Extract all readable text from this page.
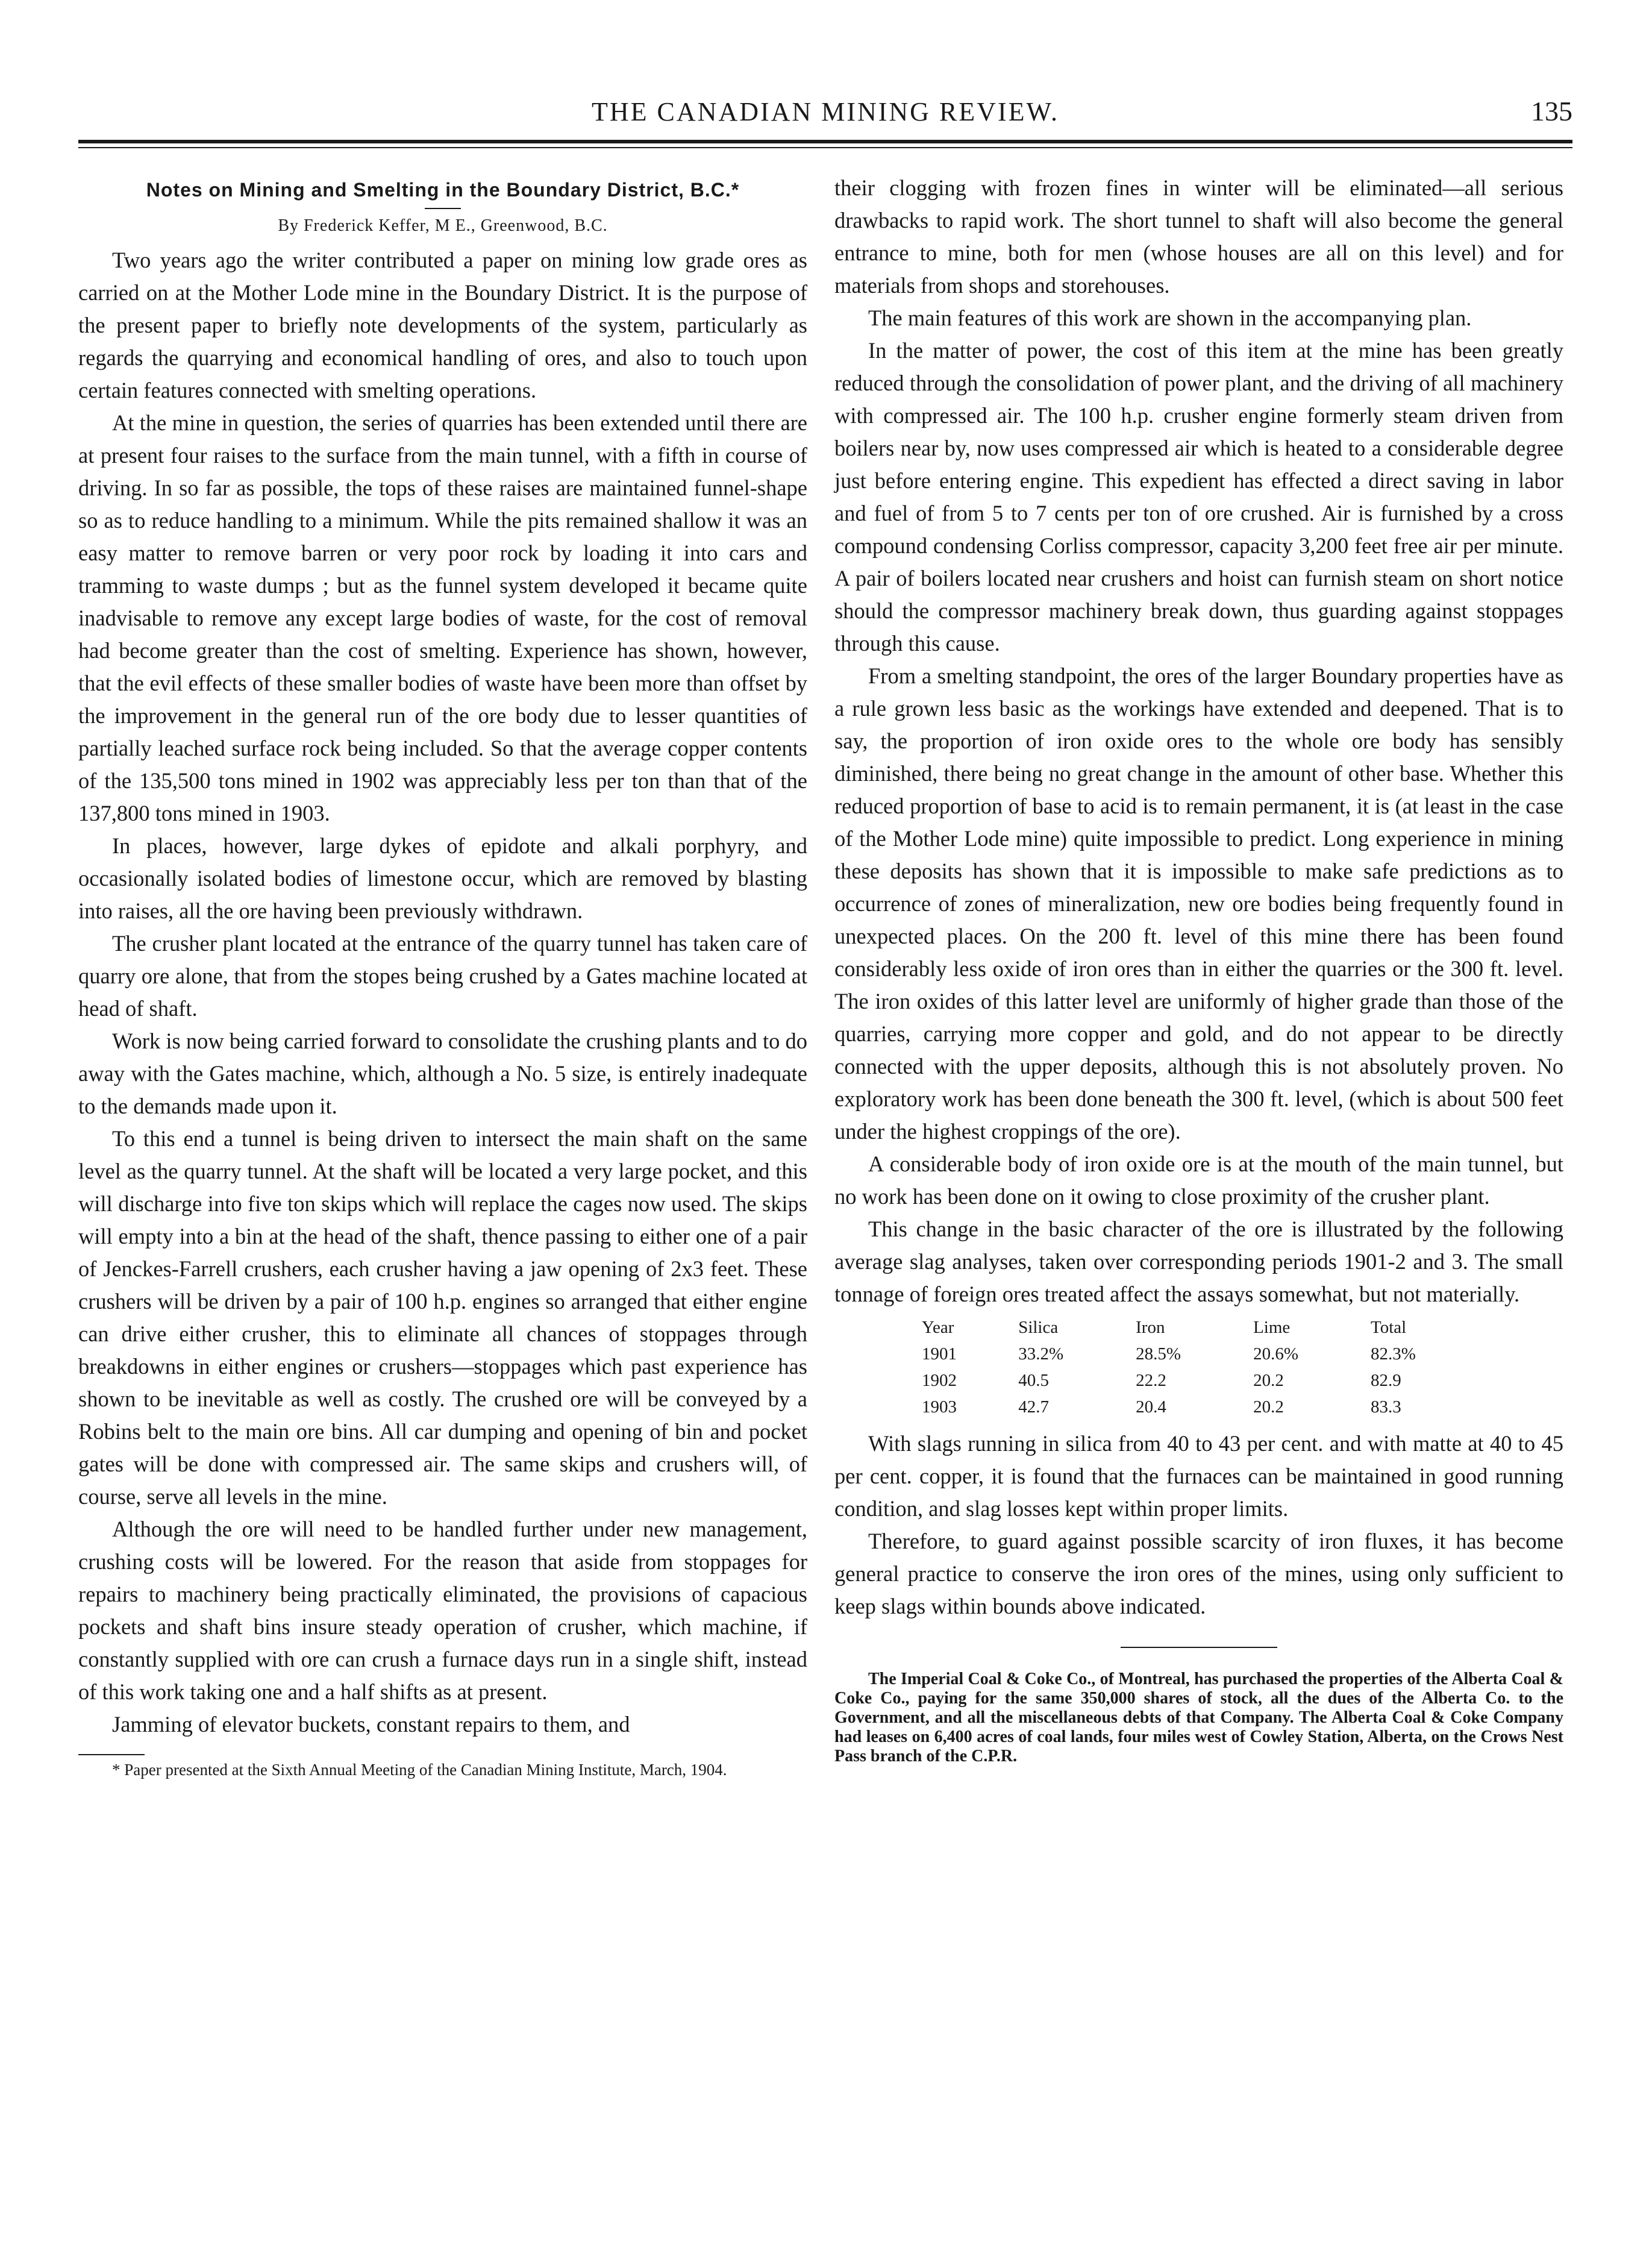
THE CANADIAN MINING REVIEW.	135
Notes on Mining and Smelting in the Boundary District, B.C.*
By Frederick Keffer, M E., Greenwood, B.C.

Two years ago the writer contributed a paper on mining low grade ores as carried on at the Mother Lode mine in the Boundary District. It is the purpose of the present paper to briefly note developments of the system, particularly as regards the quarrying and economical handling of ores, and also to touch upon certain features connected with smelting operations.

At the mine in question, the series of quarries has been extended until there are at present four raises to the surface from the main tunnel, with a fifth in course of driving. In so far as possible, the tops of these raises are maintained funnel-shape so as to reduce handling to a minimum. While the pits remained shallow it was an easy matter to remove barren or very poor rock by loading it into cars and tramming to waste dumps ; but as the funnel system developed it became quite inadvisable to remove any except large bodies of waste, for the cost of removal had become greater than the cost of smelting. Experience has shown, however, that the evil effects of these smaller bodies of waste have been more than offset by the improvement in the general run of the ore body due to lesser quantities of partially leached surface rock being included. So that the average copper contents of the 135,500 tons mined in 1902 was appreciably less per ton than that of the 137,800 tons mined in 1903.

In places, however, large dykes of epidote and alkali porphyry, and occasionally isolated bodies of limestone occur, which are removed by blasting into raises, all the ore having been previously withdrawn.

The crusher plant located at the entrance of the quarry tunnel has taken care of quarry ore alone, that from the stopes being crushed by a Gates machine located at head of shaft.

Work is now being carried forward to consolidate the crushing plants and to do away with the Gates machine, which, although a No. 5 size, is entirely inadequate to the demands made upon it.

To this end a tunnel is being driven to intersect the main shaft on the same level as the quarry tunnel. At the shaft will be located a very large pocket, and this will discharge into five ton skips which will replace the cages now used. The skips will empty into a bin at the head of the shaft, thence passing to either one of a pair of Jenckes-Farrell crushers, each crusher having a jaw opening of 2x3 feet. These crushers will be driven by a pair of 100 h.p. engines so arranged that either engine can drive either crusher, this to eliminate all chances of stoppages through breakdowns in either engines or crushers—stoppages which past experience has shown to be inevitable as well as costly. The crushed ore will be conveyed by a Robins belt to the main ore bins. All car dumping and opening of bin and pocket gates will be done with compressed air. The same skips and crushers will, of course, serve all levels in the mine.

Although the ore will need to be handled further under new management, crushing costs will be lowered. For the reason that aside from stoppages for repairs to machinery being practically eliminated, the provisions of capacious pockets and shaft bins insure steady operation of crusher, which machine, if constantly supplied with ore can crush a furnace days run in a single shift, instead of this work taking one and a half shifts as at present.

Jamming of elevator buckets, constant repairs to them, and

* Paper presented at the Sixth Annual Meeting of the Canadian Mining Institute, March, 1904.

their clogging with frozen fines in winter will be eliminated—all serious drawbacks to rapid work. The short tunnel to shaft will also become the general entrance to mine, both for men (whose houses are all on this level) and for materials from shops and storehouses.

The main features of this work are shown in the accompanying plan.

In the matter of power, the cost of this item at the mine has been greatly reduced through the consolidation of power plant, and the driving of all machinery with compressed air. The 100 h.p. crusher engine formerly steam driven from boilers near by, now uses compressed air which is heated to a considerable degree just before entering engine. This expedient has effected a direct saving in labor and fuel of from 5 to 7 cents per ton of ore crushed. Air is furnished by a cross compound condensing Corliss compressor, capacity 3,200 feet free air per minute. A pair of boilers located near crushers and hoist can furnish steam on short notice should the compressor machinery break down, thus guarding against stoppages through this cause.

From a smelting standpoint, the ores of the larger Boundary properties have as a rule grown less basic as the workings have extended and deepened. That is to say, the proportion of iron oxide ores to the whole ore body has sensibly diminished, there being no great change in the amount of other base. Whether this reduced proportion of base to acid is to remain permanent, it is (at least in the case of the Mother Lode mine) quite impossible to predict. Long experience in mining these deposits has shown that it is impossible to make safe predictions as to occurrence of zones of mineralization, new ore bodies being frequently found in unexpected places. On the 200 ft. level of this mine there has been found considerably less oxide of iron ores than in either the quarries or the 300 ft. level. The iron oxides of this latter level are uniformly of higher grade than those of the quarries, carrying more copper and gold, and do not appear to be directly connected with the upper deposits, although this is not absolutely proven. No exploratory work has been done beneath the 300 ft. level, (which is about 500 feet under the highest croppings of the ore).

A considerable body of iron oxide ore is at the mouth of the main tunnel, but no work has been done on it owing to close proximity of the crusher plant.

This change in the basic character of the ore is illustrated by the following average slag analyses, taken over corresponding periods 1901-2 and 3. The small tonnage of foreign ores treated affect the assays somewhat, but not materially.

Year	Silica	Iron	Lime	Total
1901	33.2%	28.5%	20.6%	82.3%
1902	40.5	22.2	20.2	82.9
1903	42.7	20.4	20.2	83.3

With slags running in silica from 40 to 43 per cent. and with matte at 40 to 45 per cent. copper, it is found that the furnaces can be maintained in good running condition, and slag losses kept within proper limits.

Therefore, to guard against possible scarcity of iron fluxes, it has become general practice to conserve the iron ores of the mines, using only sufficient to keep slags within bounds above indicated.

The Imperial Coal & Coke Co., of Montreal, has purchased the properties of the Alberta Coal & Coke Co., paying for the same 350,000 shares of stock, all the dues of the Alberta Co. to the Government, and all the miscellaneous debts of that Company. The Alberta Coal & Coke Company had leases on 6,400 acres of coal lands, four miles west of Cowley Station, Alberta, on the Crows Nest Pass branch of the C.P.R.
